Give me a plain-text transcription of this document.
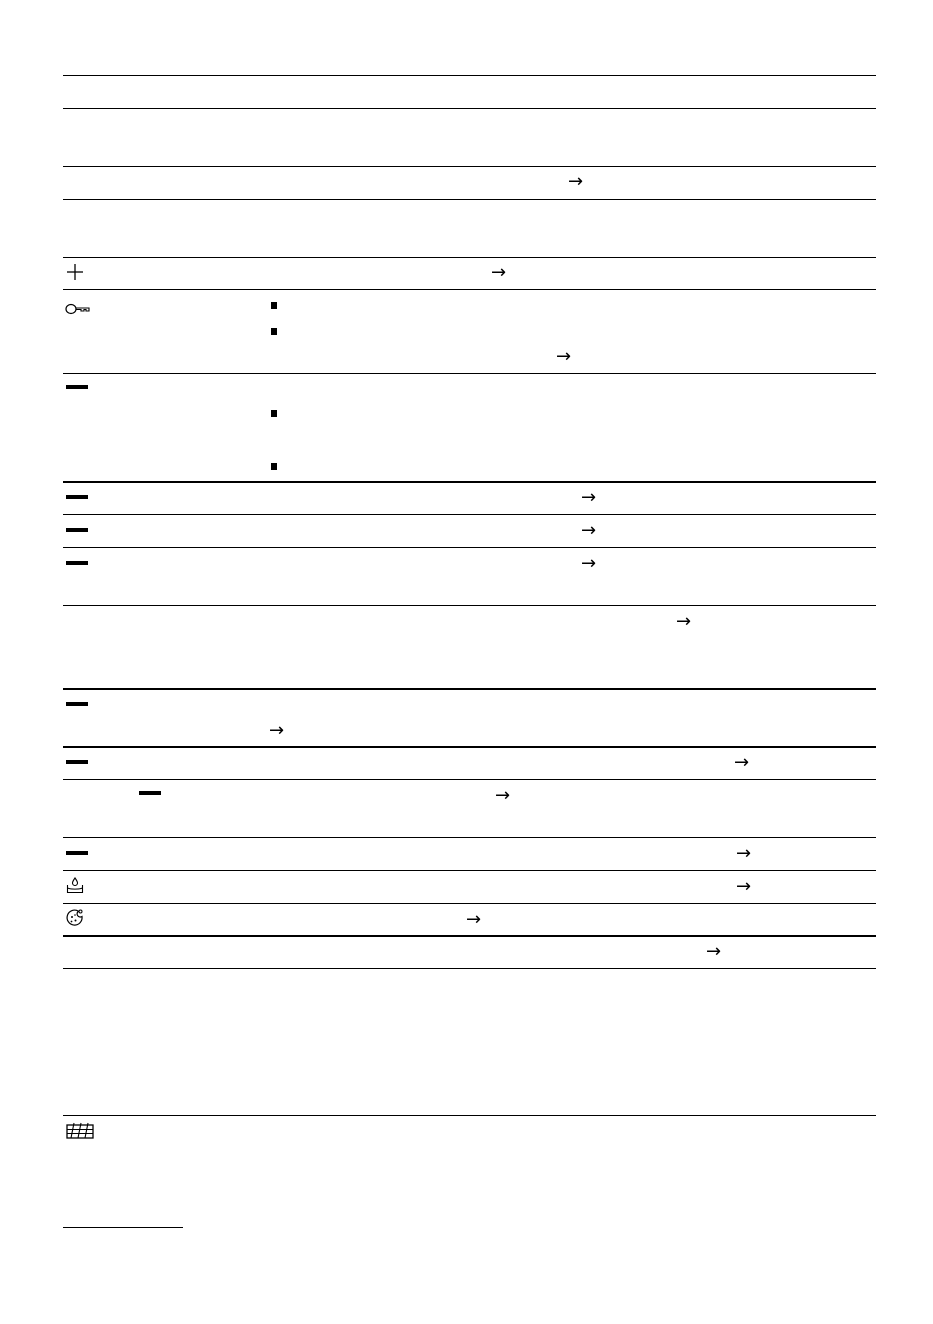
→
→
→
→
→
→
→
→
→
→
→
→
→
→
